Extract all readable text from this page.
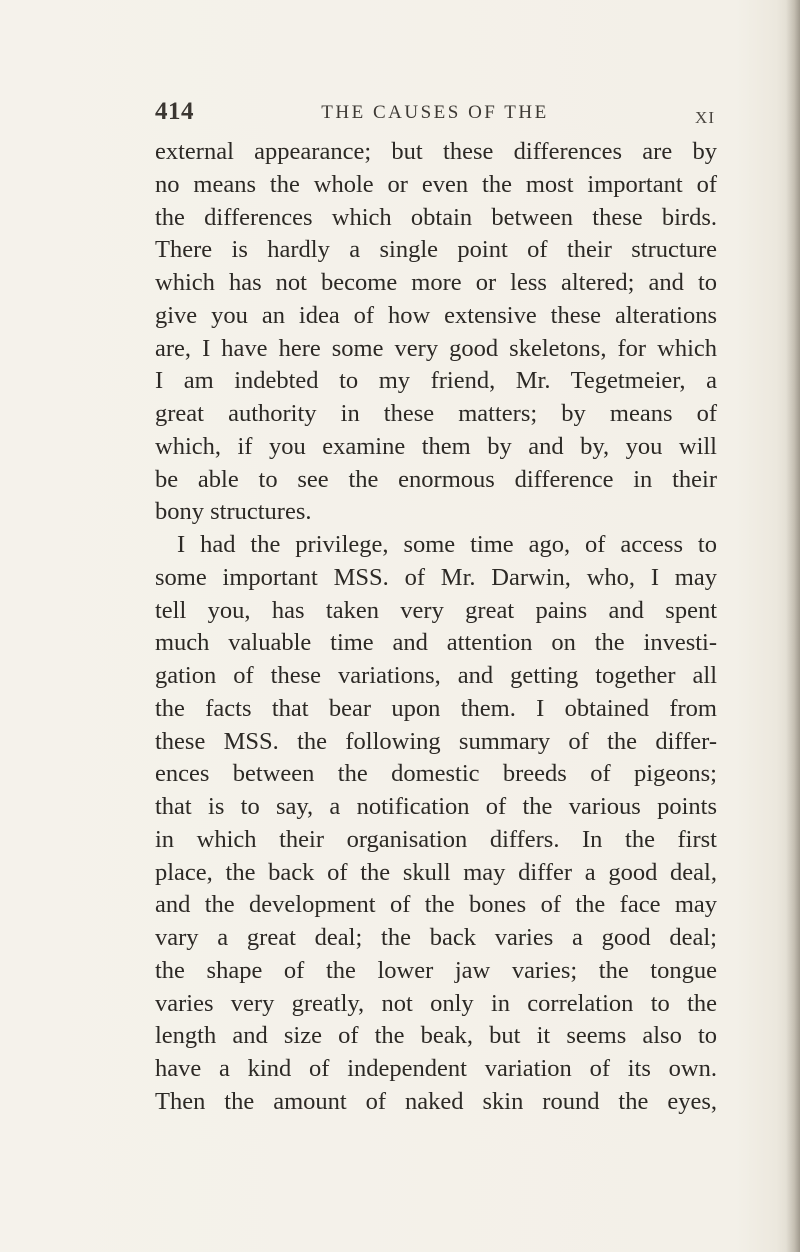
414	THE CAUSES OF THE	XI
external appearance; but these differences are by
no means the whole or even the most important of
the differences which obtain between these birds.
There is hardly a single point of their structure
which has not become more or less altered; and to
give you an idea of how extensive these alterations
are, I have here some very good skeletons, for which
I am indebted to my friend, Mr. Tegetmeier, a
great authority in these matters; by means of
which, if you examine them by and by, you will
be able to see the enormous difference in their
bony structures.
I had the privilege, some time ago, of access to
some important MSS. of Mr. Darwin, who, I may
tell you, has taken very great pains and spent
much valuable time and attention on the investi-
gation of these variations, and getting together all
the facts that bear upon them. I obtained from
these MSS. the following summary of the differ-
ences between the domestic breeds of pigeons;
that is to say, a notification of the various points
in which their organisation differs. In the first
place, the back of the skull may differ a good deal,
and the development of the bones of the face may
vary a great deal; the back varies a good deal;
the shape of the lower jaw varies; the tongue
varies very greatly, not only in correlation to the
length and size of the beak, but it seems also to
have a kind of independent variation of its own.
Then the amount of naked skin round the eyes,
